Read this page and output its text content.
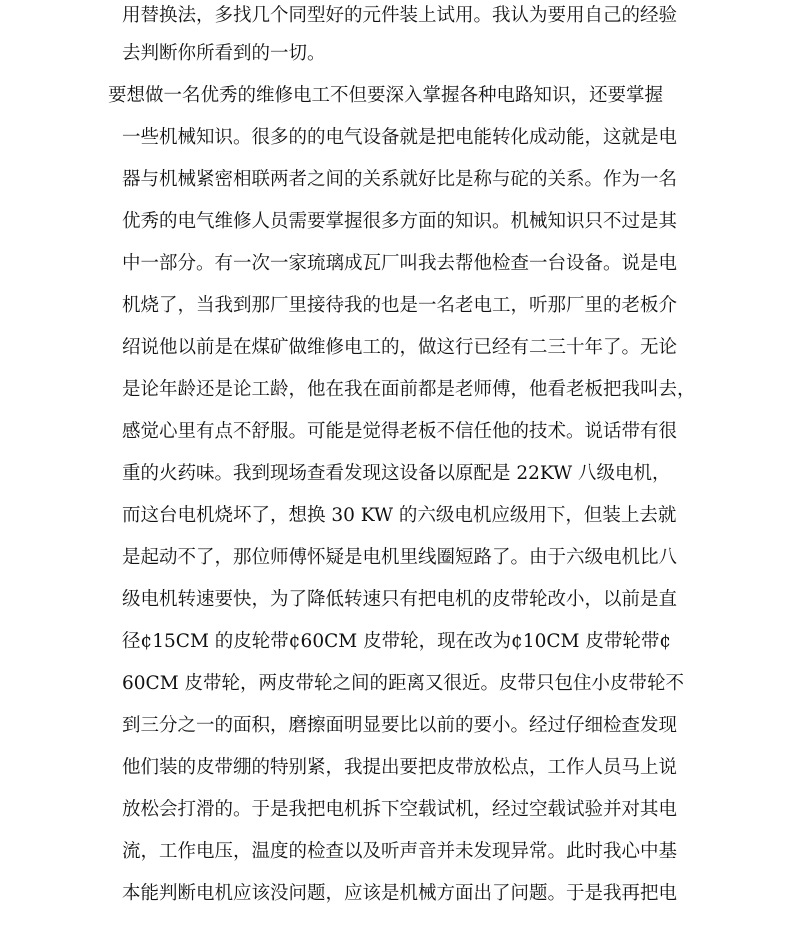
用替换法，多找几个同型好的元件装上试用。我认为要用自己的经验
去判断你所看到的一切。
要想做一名优秀的维修电工不但要深入掌握各种电路知识，还要掌握
一些机械知识。很多的的电气设备就是把电能转化成动能，这就是电
器与机械紧密相联两者之间的关系就好比是称与砣的关系。作为一名
优秀的电气维修人员需要掌握很多方面的知识。机械知识只不过是其
中一部分。有一次一家琉璃成瓦厂叫我去帮他检查一台设备。说是电
机烧了，当我到那厂里接待我的也是一名老电工，听那厂里的老板介
绍说他以前是在煤矿做维修电工的，做这行已经有二三十年了。无论
是论年龄还是论工龄，他在我在面前都是老师傅，他看老板把我叫去，
感觉心里有点不舒服。可能是觉得老板不信任他的技术。说话带有很
重的火药味。我到现场查看发现这设备以原配是 22KW 八级电机，
而这台电机烧坏了，想换 30 KW 的六级电机应级用下，但装上去就
是起动不了，那位师傅怀疑是电机里线圈短路了。由于六级电机比八
级电机转速要快，为了降低转速只有把电机的皮带轮改小，以前是直
径¢15CM 的皮轮带¢60CM 皮带轮，现在改为¢10CM 皮带轮带¢
60CM 皮带轮，两皮带轮之间的距离又很近。皮带只包住小皮带轮不
到三分之一的面积，磨擦面明显要比以前的要小。经过仔细检查发现
他们装的皮带绷的特别紧，我提出要把皮带放松点，工作人员马上说
放松会打滑的。于是我把电机拆下空载试机，经过空载试验并对其电
流，工作电压，温度的检查以及听声音并未发现异常。此时我心中基
本能判断电机应该没问题，应该是机械方面出了问题。于是我再把电
